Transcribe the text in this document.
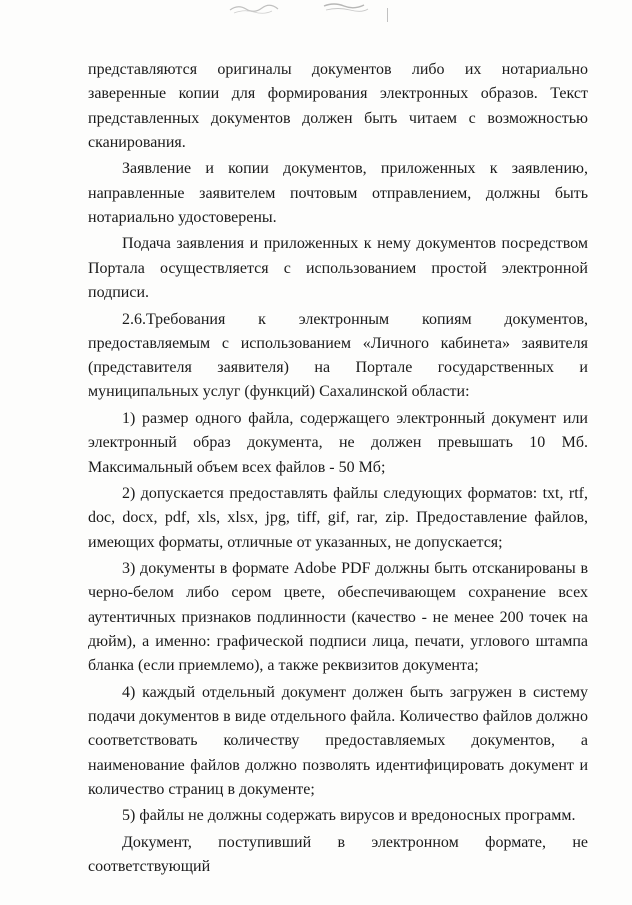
представляются оригиналы документов либо их нотариально заверенные копии для формирования электронных образов. Текст представленных документов должен быть читаем с возможностью сканирования.

Заявление и копии документов, приложенных к заявлению, направленные заявителем почтовым отправлением, должны быть нотариально удостоверены.

Подача заявления и приложенных к нему документов посредством Портала осуществляется с использованием простой электронной подписи.

2.6.Требования к электронным копиям документов, предоставляемым с использованием «Личного кабинета» заявителя (представителя заявителя) на Портале государственных и муниципальных услуг (функций) Сахалинской области:

1) размер одного файла, содержащего электронный документ или электронный образ документа, не должен превышать 10 Мб. Максимальный объем всех файлов - 50 Мб;

2) допускается предоставлять файлы следующих форматов: txt, rtf, doc, docx, pdf, xls, xlsx, jpg, tiff, gif, rar, zip. Предоставление файлов, имеющих форматы, отличные от указанных, не допускается;

3) документы в формате Adobe PDF должны быть отсканированы в черно-белом либо сером цвете, обеспечивающем сохранение всех аутентичных признаков подлинности (качество - не менее 200 точек на дюйм), а именно: графической подписи лица, печати, углового штампа бланка (если приемлемо), а также реквизитов документа;

4) каждый отдельный документ должен быть загружен в систему подачи документов в виде отдельного файла. Количество файлов должно соответствовать количеству предоставляемых документов, а наименование файлов должно позволять идентифицировать документ и количество страниц в документе;

5) файлы не должны содержать вирусов и вредоносных программ.

Документ, поступивший в электронном формате, не соответствующий
